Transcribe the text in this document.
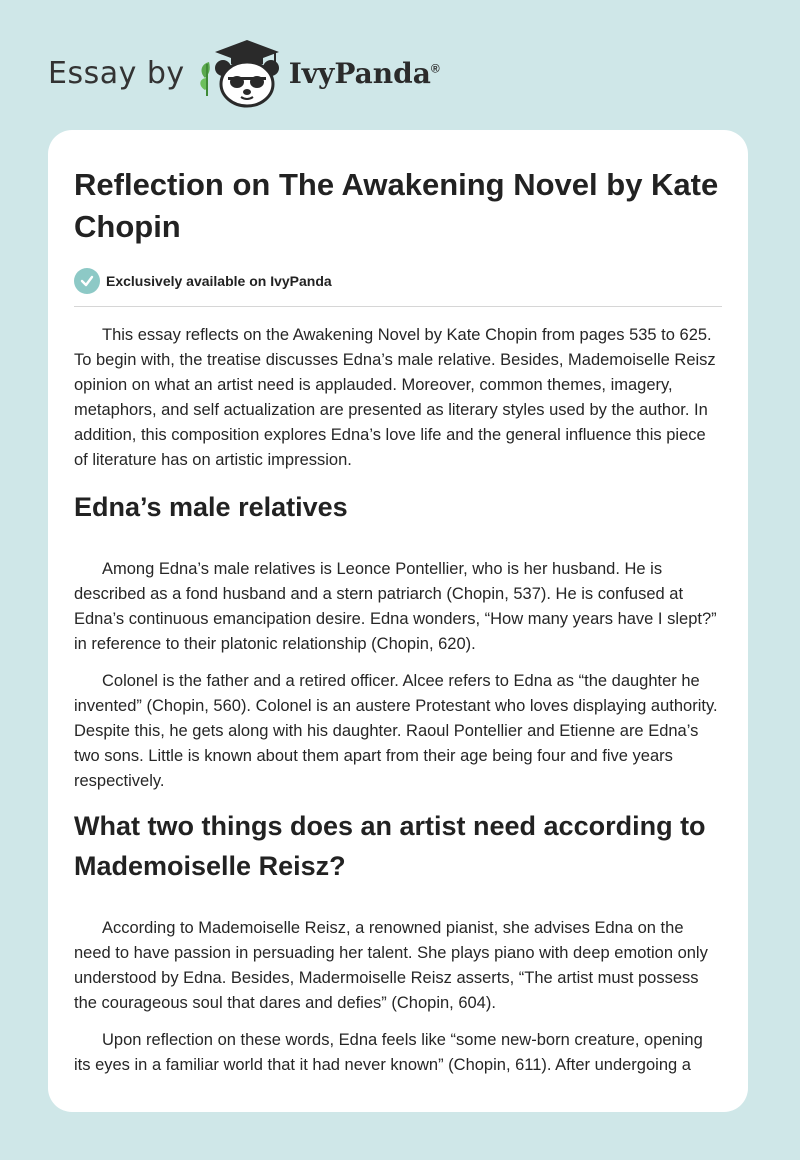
Essay by	IvyPanda®
Reflection on The Awakening Novel by Kate Chopin
Exclusively available on IvyPanda

This essay reflects on the Awakening Novel by Kate Chopin from pages 535 to 625. To begin with, the treatise discusses Edna’s male relative. Besides, Mademoiselle Reisz opinion on what an artist need is applauded. Moreover, common themes, imagery, metaphors, and self actualization are presented as literary styles used by the author. In addition, this composition explores Edna’s love life and the general influence this piece of literature has on artistic impression.

Edna’s male relatives

Among Edna’s male relatives is Leonce Pontellier, who is her husband. He is described as a fond husband and a stern patriarch (Chopin, 537). He is confused at Edna’s continuous emancipation desire. Edna wonders, “How many years have I slept?” in reference to their platonic relationship (Chopin, 620).

Colonel is the father and a retired officer. Alcee refers to Edna as “the daughter he invented” (Chopin, 560). Colonel is an austere Protestant who loves displaying authority. Despite this, he gets along with his daughter. Raoul Pontellier and Etienne are Edna’s two sons. Little is known about them apart from their age being four and five years respectively.

What two things does an artist need according to Mademoiselle Reisz?

According to Mademoiselle Reisz, a renowned pianist, she advises Edna on the need to have passion in persuading her talent. She plays piano with deep emotion only understood by Edna. Besides, Madermoiselle Reisz asserts, “The artist must possess the courageous soul that dares and defies” (Chopin, 604).

Upon reflection on these words, Edna feels like “some new-born creature, opening its eyes in a familiar world that it had never known” (Chopin, 611). After undergoing a
